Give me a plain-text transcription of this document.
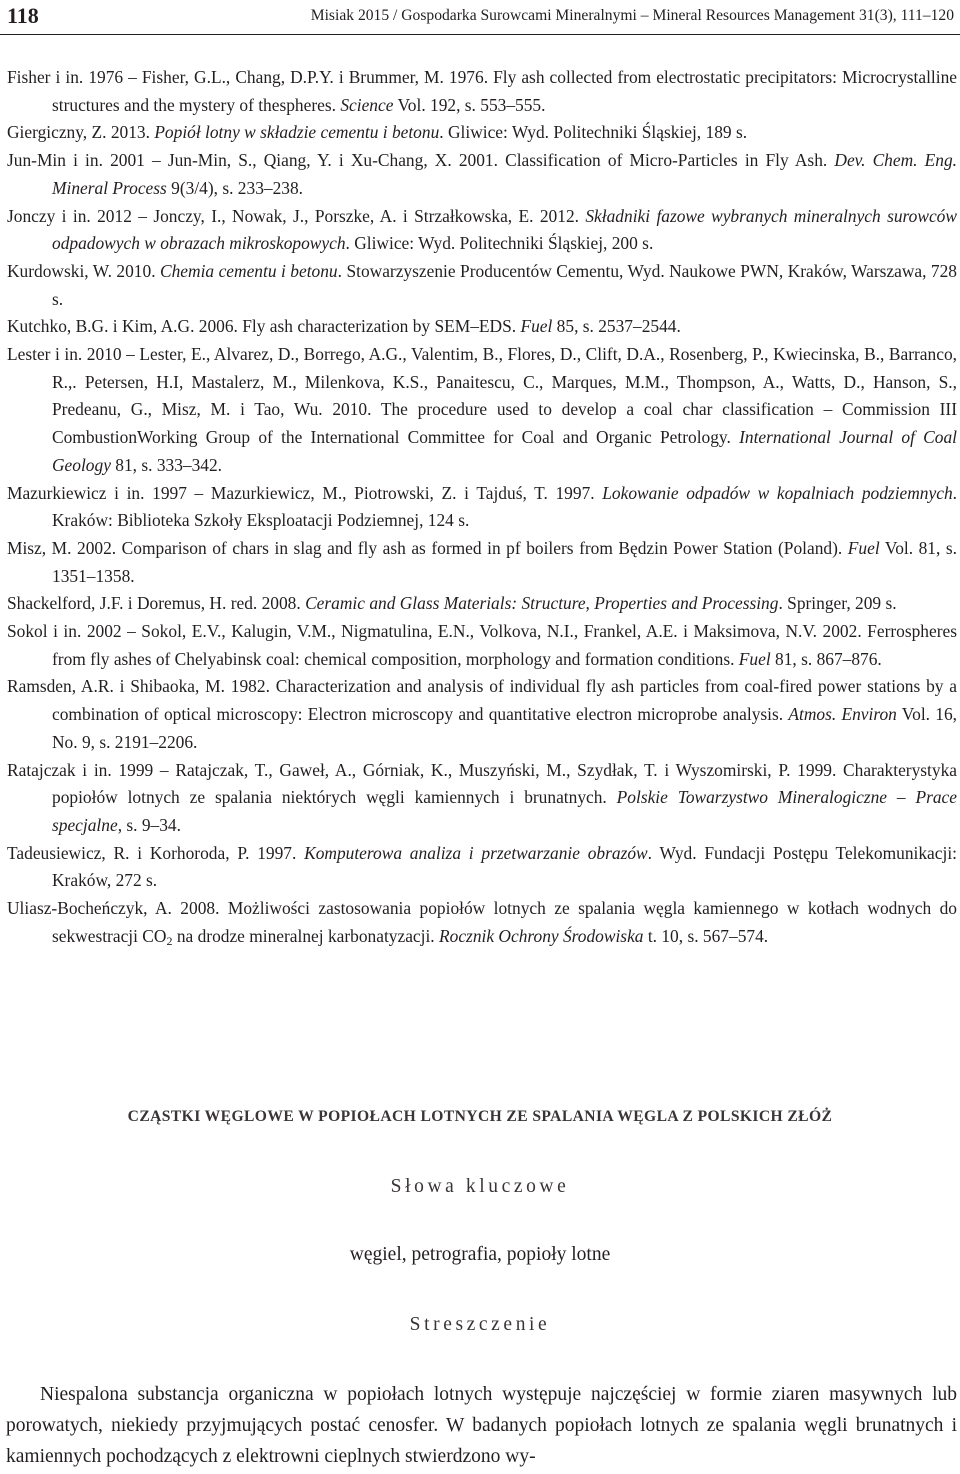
118	Misiak 2015 / Gospodarka Surowcami Mineralnymi – Mineral Resources Management 31(3), 111–120
Fisher i in. 1976 – Fisher, G.L., Chang, D.P.Y. i Brummer, M. 1976. Fly ash collected from electrostatic precipitators: Microcrystalline structures and the mystery of thespheres. Science Vol. 192, s. 553–555.
Giergiczny, Z. 2013. Popiół lotny w składzie cementu i betonu. Gliwice: Wyd. Politechniki Śląskiej, 189 s.
Jun-Min i in. 2001 – Jun-Min, S., Qiang, Y. i Xu-Chang, X. 2001. Classification of Micro-Particles in Fly Ash. Dev. Chem. Eng. Mineral Process 9(3/4), s. 233–238.
Jonczy i in. 2012 – Jonczy, I., Nowak, J., Porszke, A. i Strzałkowska, E. 2012. Składniki fazowe wybranych mineralnych surowców odpadowych w obrazach mikroskopowych. Gliwice: Wyd. Politechniki Śląskiej, 200 s.
Kurdowski, W. 2010. Chemia cementu i betonu. Stowarzyszenie Producentów Cementu, Wyd. Naukowe PWN, Kraków, Warszawa, 728 s.
Kutchko, B.G. i Kim, A.G. 2006. Fly ash characterization by SEM–EDS. Fuel 85, s. 2537–2544.
Lester i in. 2010 – Lester, E., Alvarez, D., Borrego, A.G., Valentim, B., Flores, D., Clift, D.A., Rosenberg, P., Kwiecinska, B., Barranco, R.,. Petersen, H.I, Mastalerz, M., Milenkova, K.S., Panaitescu, C., Marques, M.M., Thompson, A., Watts, D., Hanson, S., Predeanu, G., Misz, M. i Tao, Wu. 2010. The procedure used to develop a coal char classification – Commission III CombustionWorking Group of the International Committee for Coal and Organic Petrology. International Journal of Coal Geology 81, s. 333–342.
Mazurkiewicz i in. 1997 – Mazurkiewicz, M., Piotrowski, Z. i Tajduś, T. 1997. Lokowanie odpadów w kopalniach podziemnych. Kraków: Biblioteka Szkoły Eksploatacji Podziemnej, 124 s.
Misz, M. 2002. Comparison of chars in slag and fly ash as formed in pf boilers from Będzin Power Station (Poland). Fuel Vol. 81, s. 1351–1358.
Shackelford, J.F. i Doremus, H. red. 2008. Ceramic and Glass Materials: Structure, Properties and Processing. Springer, 209 s.
Sokol i in. 2002 – Sokol, E.V., Kalugin, V.M., Nigmatulina, E.N., Volkova, N.I., Frankel, A.E. i Maksimova, N.V. 2002. Ferrospheres from fly ashes of Chelyabinsk coal: chemical composition, morphology and formation conditions. Fuel 81, s. 867–876.
Ramsden, A.R. i Shibaoka, M. 1982. Characterization and analysis of individual fly ash particles from coal-fired power stations by a combination of optical microscopy: Electron microscopy and quantitative electron microprobe analysis. Atmos. Environ Vol. 16, No. 9, s. 2191–2206.
Ratajczak i in. 1999 – Ratajczak, T., Gaweł, A., Górniak, K., Muszyński, M., Szydłak, T. i Wyszomirski, P. 1999. Charakterystyka popiołów lotnych ze spalania niektórych węgli kamiennych i brunatnych. Polskie Towarzystwo Mineralogiczne – Prace specjalne, s. 9–34.
Tadeusiewicz, R. i Korhoroda, P. 1997. Komputerowa analiza i przetwarzanie obrazów. Wyd. Fundacji Postępu Telekomunikacji: Kraków, 272 s.
Uliasz-Bocheńczyk, A. 2008. Możliwości zastosowania popiołów lotnych ze spalania węgla kamiennego w kotłach wodnych do sekwestracji $CO_2$ na drodze mineralnej karbonatyzacji. Rocznik Ochrony Środowiska t. 10, s. 567–574.
CZĄSTKI WĘGLOWE W POPIOŁACH LOTNYCH ZE SPALANIA WĘGLA Z POLSKICH ZŁÓŻ
Słowa kluczowe
węgiel, petrografia, popioły lotne
Streszczenie

Niespalona substancja organiczna w popiołach lotnych występuje najczęściej w formie ziaren masywnych lub porowatych, niekiedy przyjmujących postać cenosfer. W badanych popiołach lotnych ze spalania węgli brunatnych i kamiennych pochodzących z elektrowni cieplnych stwierdzono wy-
